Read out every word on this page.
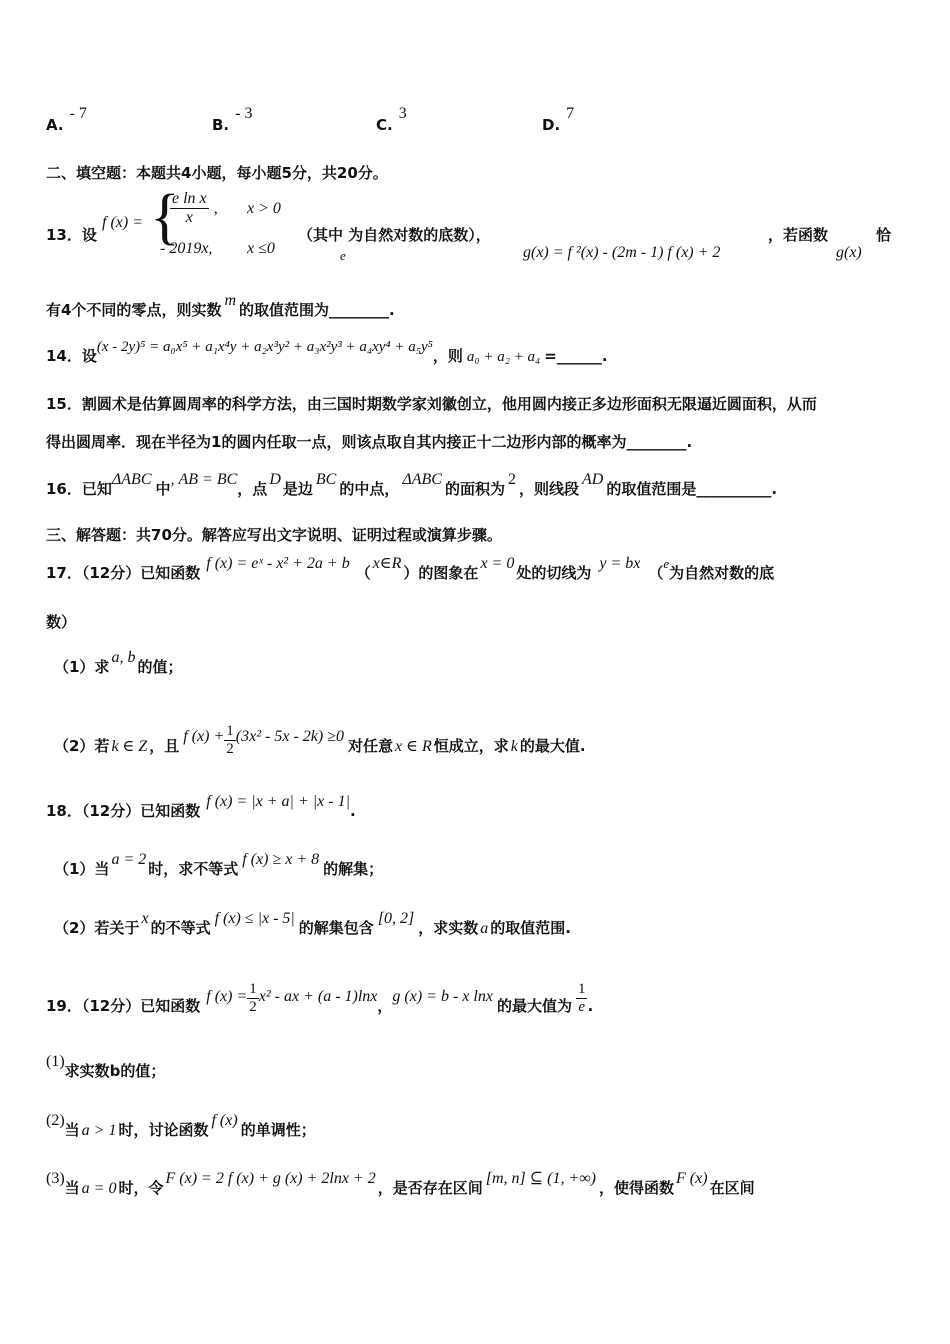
A.- 7
B.- 3
C.3
D.7
二、填空题：本题共4小题，每小题5分，共20分。
13．设
f (x) = {
$\frac{\text{e ln x}}{x}$ , x > 0
- 2019x, x ≤0
（其中 为自然对数的底数），
e	g(x) = f ²(x) - (2m - 1) f (x) + 2
，若函数
g(x)
恰
有4个不同的零点，则实数m的取值范围为________.
14．设(x - 2y)⁵ = a₀x⁵ + a₁x⁴y + a₂x³y² + a₃x²y³ + a₄xy⁴ + a₅y⁵，则 a₀ + a₂ + a₄ =______.
15．割圆术是估算圆周率的科学方法，由三国时期数学家刘徽创立，他用圆内接正多边形面积无限逼近圆面积，从而
得出圆周率．现在半径为1的圆内任取一点，则该点取自其内接正十二边形内部的概率为________.
16．已知ΔABC中, AB = BC，点D是边BC的中点，ΔABC的面积为2，则线段AD的取值范围是__________.
三、解答题：共70分。解答应写出文字说明、证明过程或演算步骤。
17．（12分）已知函数f (x) = eˣ - x² + 2a + b（x∈R）的图象在x = 0处的切线为y = bx（e为自然对数的底
数）
（1）求a, b的值；
（2）若 k ∈ Z ，且f $(x) + \frac{1}{2} (3x^2 - 5x - 2k) \ge 0$对任意 x ∈ R 恒成立，求 k 的最大值.
18．（12分）已知函数f (x) = |x + a| + |x - 1|.
（1）当a = 2时，求不等式f (x) ≥ x + 8的解集；
（2）若关于x的不等式f (x) ≤ |x - 5|的解集包含[0, 2]，求实数 a 的取值范围.
19．（12分）已知函数f $(x) = \frac{1}{2} x^2$ - ax + (a - 1)lnx，g (x) = b - x lnx的最大值为 $\frac{1}{e}$ .
(1)求实数b的值；
(2)当 a > 1 时，讨论函数f (x)的单调性；
(3)当 a = 0 时，令F (x) = 2 f (x) + g (x) + 2lnx + 2，是否存在区间[m, n] ⊆ (1, +∞)，使得函数F (x)在区间
